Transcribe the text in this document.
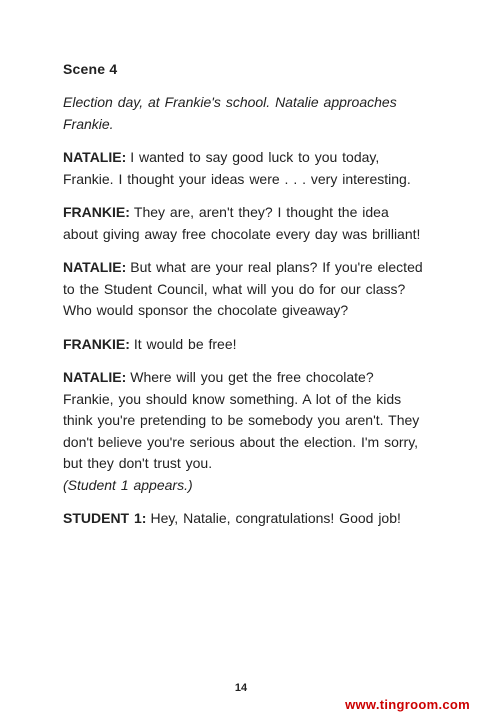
Scene 4

Election day, at Frankie's school. Natalie approaches Frankie.

NATALIE: I wanted to say good luck to you today, Frankie. I thought your ideas were . . . very interesting.

FRANKIE: They are, aren't they? I thought the idea about giving away free chocolate every day was brilliant!

NATALIE: But what are your real plans? If you're elected to the Student Council, what will you do for our class? Who would sponsor the chocolate giveaway?

FRANKIE: It would be free!

NATALIE: Where will you get the free chocolate? Frankie, you should know something. A lot of the kids think you're pretending to be somebody you aren't. They don't believe you're serious about the election. I'm sorry, but they don't trust you.
(Student 1 appears.)

STUDENT 1: Hey, Natalie, congratulations! Good job!

14
www.tingroom.com
